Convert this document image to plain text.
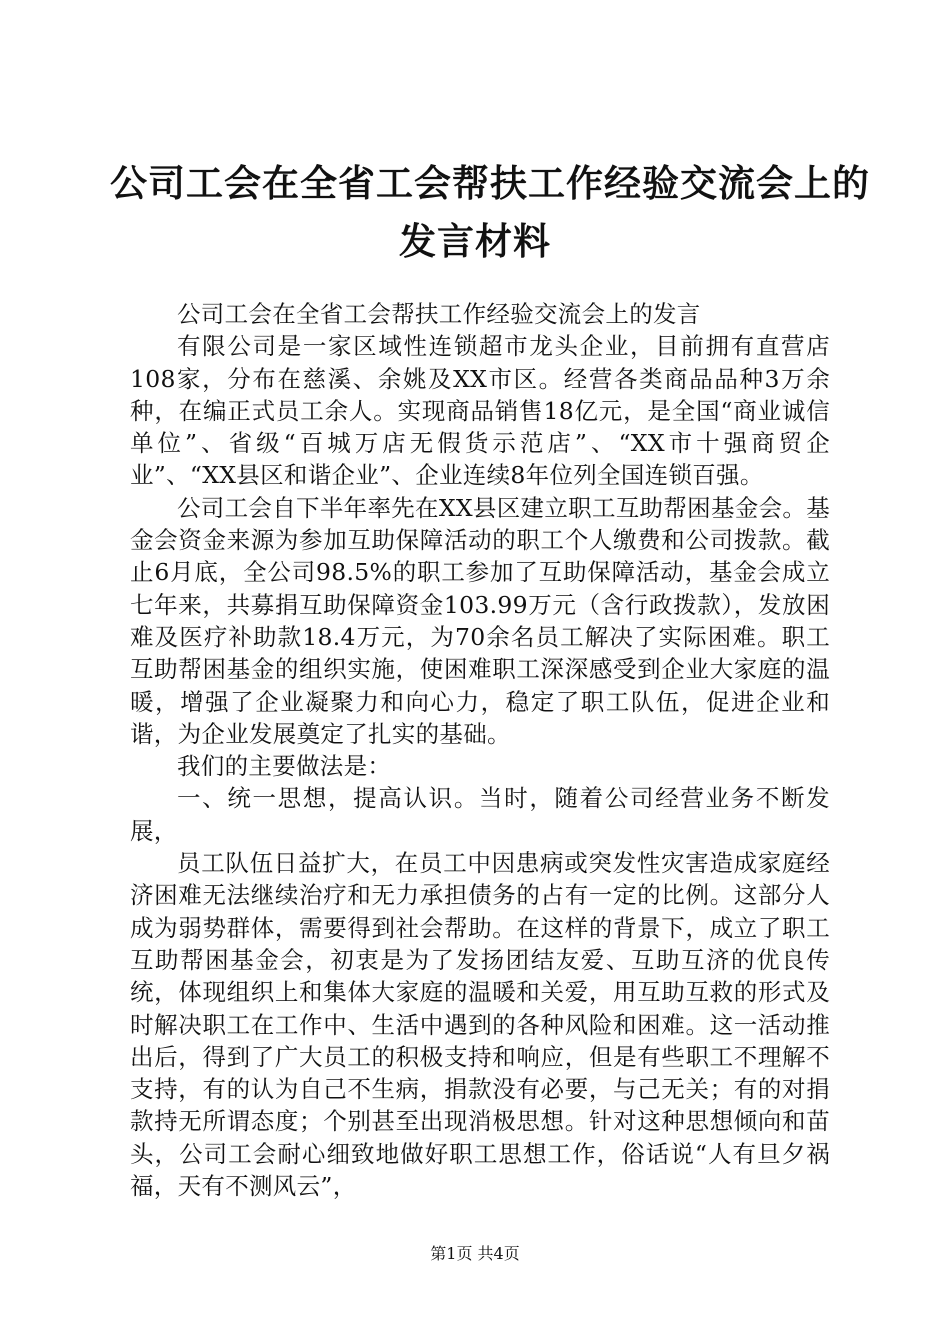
公司工会在全省工会帮扶工作经验交流会上的
发言材料

公司工会在全省工会帮扶工作经验交流会上的发言

有限公司是一家区域性连锁超市龙头企业，目前拥有直营店108家，分布在慈溪、余姚及XX市区。经营各类商品品种3万余种，在编正式员工余人。实现商品销售18亿元，是全国“商业诚信单位”、省级“百城万店无假货示范店”、“XX市十强商贸企业”、“XX县区和谐企业”、企业连续8年位列全国连锁百强。

公司工会自下半年率先在XX县区建立职工互助帮困基金会。基金会资金来源为参加互助保障活动的职工个人缴费和公司拨款。截止6月底，全公司98.5%的职工参加了互助保障活动，基金会成立七年来，共募捐互助保障资金103.99万元（含行政拨款），发放困难及医疗补助款18.4万元，为70余名员工解决了实际困难。职工互助帮困基金的组织实施，使困难职工深深感受到企业大家庭的温暖，增强了企业凝聚力和向心力，稳定了职工队伍，促进企业和谐，为企业发展奠定了扎实的基础。

我们的主要做法是：

一、统一思想，提高认识。当时，随着公司经营业务不断发展，

员工队伍日益扩大，在员工中因患病或突发性灾害造成家庭经济困难无法继续治疗和无力承担债务的占有一定的比例。这部分人成为弱势群体，需要得到社会帮助。在这样的背景下，成立了职工互助帮困基金会，初衷是为了发扬团结友爱、互助互济的优良传统，体现组织上和集体大家庭的温暖和关爱，用互助互救的形式及时解决职工在工作中、生活中遇到的各种风险和困难。这一活动推出后，得到了广大员工的积极支持和响应，但是有些职工不理解不支持，有的认为自己不生病，捐款没有必要，与己无关；有的对捐款持无所谓态度；个别甚至出现消极思想。针对这种思想倾向和苗头，公司工会耐心细致地做好职工思想工作，俗话说“人有旦夕祸福，天有不测风云”，

第1页 共4页
